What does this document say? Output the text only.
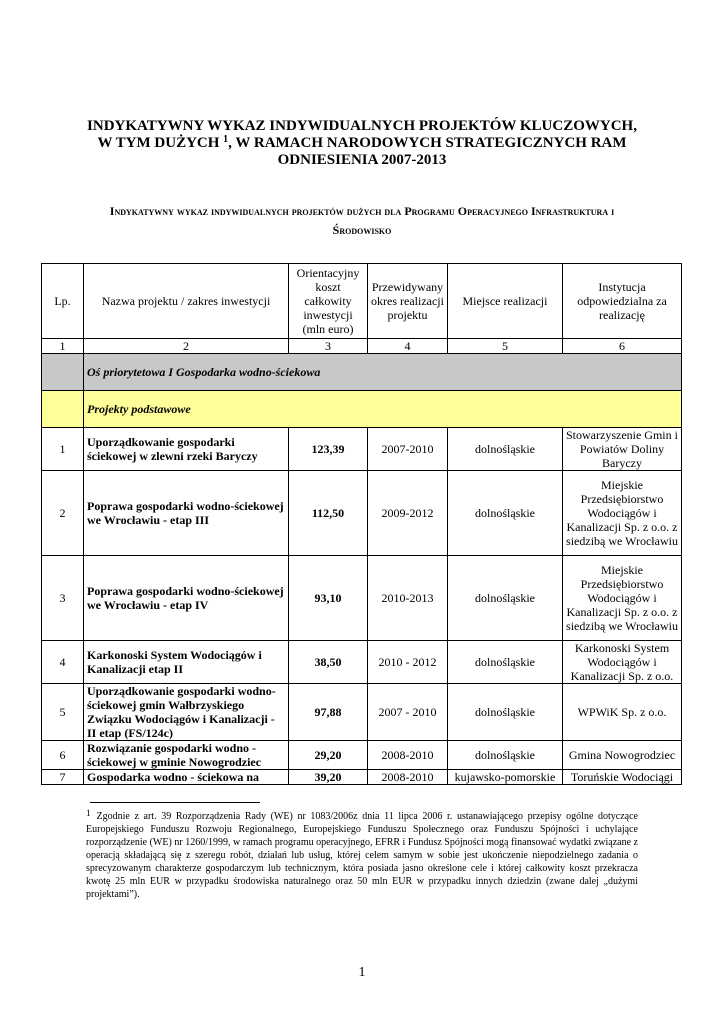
INDYKATYWNY WYKAZ INDYWIDUALNYCH PROJEKTÓW KLUCZOWYCH,
W TYM DUŻYCH $^1$, W RAMACH NARODOWYCH STRATEGICZNYCH RAM ODNIESIENIA 2007-2013
Indykatywny wykaz indywidualnych projektów dużych dla Programu Operacyjnego Infrastruktura i Środowisko
Lp.	Nazwa projektu / zakres inwestycji	Orientacyjny koszt całkowity inwestycji (mln euro)	Przewidywany okres realizacji projektu	Miejsce realizacji	Instytucja odpowiedzialna za realizację
1	2	3	4	5	6
	Oś priorytetowa I Gospodarka wodno-ściekowa				
	Projekty podstawowe				
1	Uporządkowanie gospodarki ściekowej w zlewni rzeki Baryczy	123,39	2007-2010	dolnośląskie	Stowarzyszenie Gmin i Powiatów Doliny Baryczy
2	Poprawa gospodarki wodno-ściekowej we Wrocławiu - etap III	112,50	2009-2012	dolnośląskie	Miejskie Przedsiębiorstwo Wodociągów i Kanalizacji Sp. z o.o. z siedzibą we Wrocławiu
3	Poprawa gospodarki wodno-ściekowej we Wrocławiu - etap IV	93,10	2010-2013	dolnośląskie	Miejskie Przedsiębiorstwo Wodociągów i Kanalizacji Sp. z o.o. z siedzibą we Wrocławiu
4	Karkonoski System Wodociągów i Kanalizacji etap II	38,50	2010 - 2012	dolnośląskie	Karkonoski System Wodociągów i Kanalizacji Sp. z o.o.
5	Uporządkowanie gospodarki wodno-ściekowej gmin Wałbrzyskiego Związku Wodociągów i Kanalizacji - II etap (FS/124c)	97,88	2007 - 2010	dolnośląskie	WPWiK Sp. z o.o.
6	Rozwiązanie gospodarki wodno - ściekowej w gminie Nowogrodziec	29,20	2008-2010	dolnośląskie	Gmina Nowogrodziec
7	Gospodarka wodno - ściekowa na	39,20	2008-2010	kujawsko-pomorskie	Toruńskie Wodociągi
$^1$ Zgodnie z art. 39 Rozporządzenia Rady (WE) nr 1083/2006z dnia 11 lipca 2006 r. ustanawiającego przepisy ogólne dotyczące Europejskiego Funduszu Rozwoju Regionalnego, Europejskiego Funduszu Społecznego oraz Funduszu Spójności i uchylające rozporządzenie (WE) nr 1260/1999, w ramach programu operacyjnego, EFRR i Fundusz Spójności mogą finansować wydatki związane z operacją składającą się z szeregu robót, działań lub usług, której celem samym w sobie jest ukończenie niepodzielnego zadania o sprecyzowanym charakterze gospodarczym lub technicznym, która posiada jasno określone cele i której całkowity koszt przekracza kwotę 25 mln EUR w przypadku środowiska naturalnego oraz 50 mln EUR w przypadku innych dziedzin (zwane dalej „dużymi projektami”).
1
